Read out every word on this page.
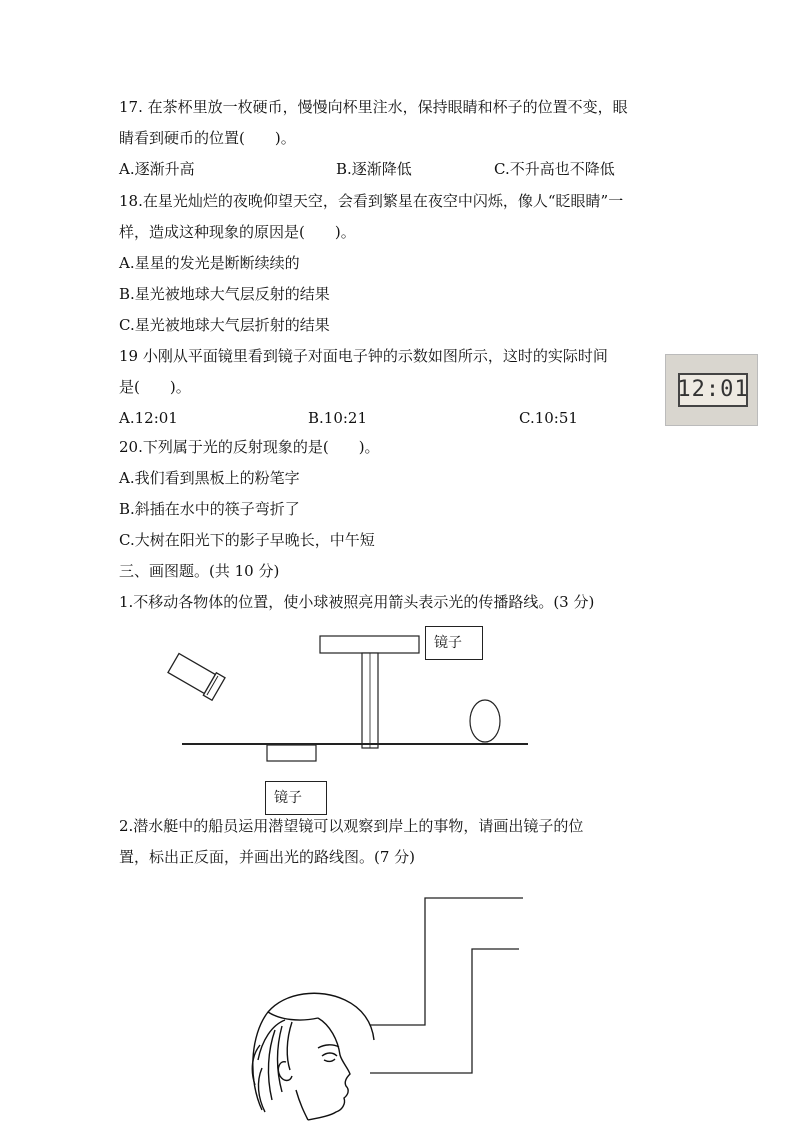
17. 在茶杯里放一枚硬币，慢慢向杯里注水，保持眼睛和杯子的位置不变，眼
睛看到硬币的位置(　　)。
A.逐渐升高	B.逐渐降低	C.不升高也不降低
18.在星光灿烂的夜晚仰望天空，会看到繁星在夜空中闪烁，像人“眨眼睛”一
样，造成这种现象的原因是(　　)。
A.星星的发光是断断续续的
B.星光被地球大气层反射的结果
C.星光被地球大气层折射的结果
19 小刚从平面镜里看到镜子对面电子钟的示数如图所示，这时的实际时间
是(　　)。
A.12:01	B.10:21	C.10:51
12:01
20.下列属于光的反射现象的是(　　)。
A.我们看到黑板上的粉笔字
B.斜插在水中的筷子弯折了
C.大树在阳光下的影子早晚长，中午短
三、画图题。(共 10 分)
1.不移动各物体的位置，使小球被照亮用箭头表示光的传播路线。(3 分)
镜子
镜子
2.潜水艇中的船员运用潜望镜可以观察到岸上的事物，请画出镜子的位
置，标出正反面，并画出光的路线图。(7 分)
